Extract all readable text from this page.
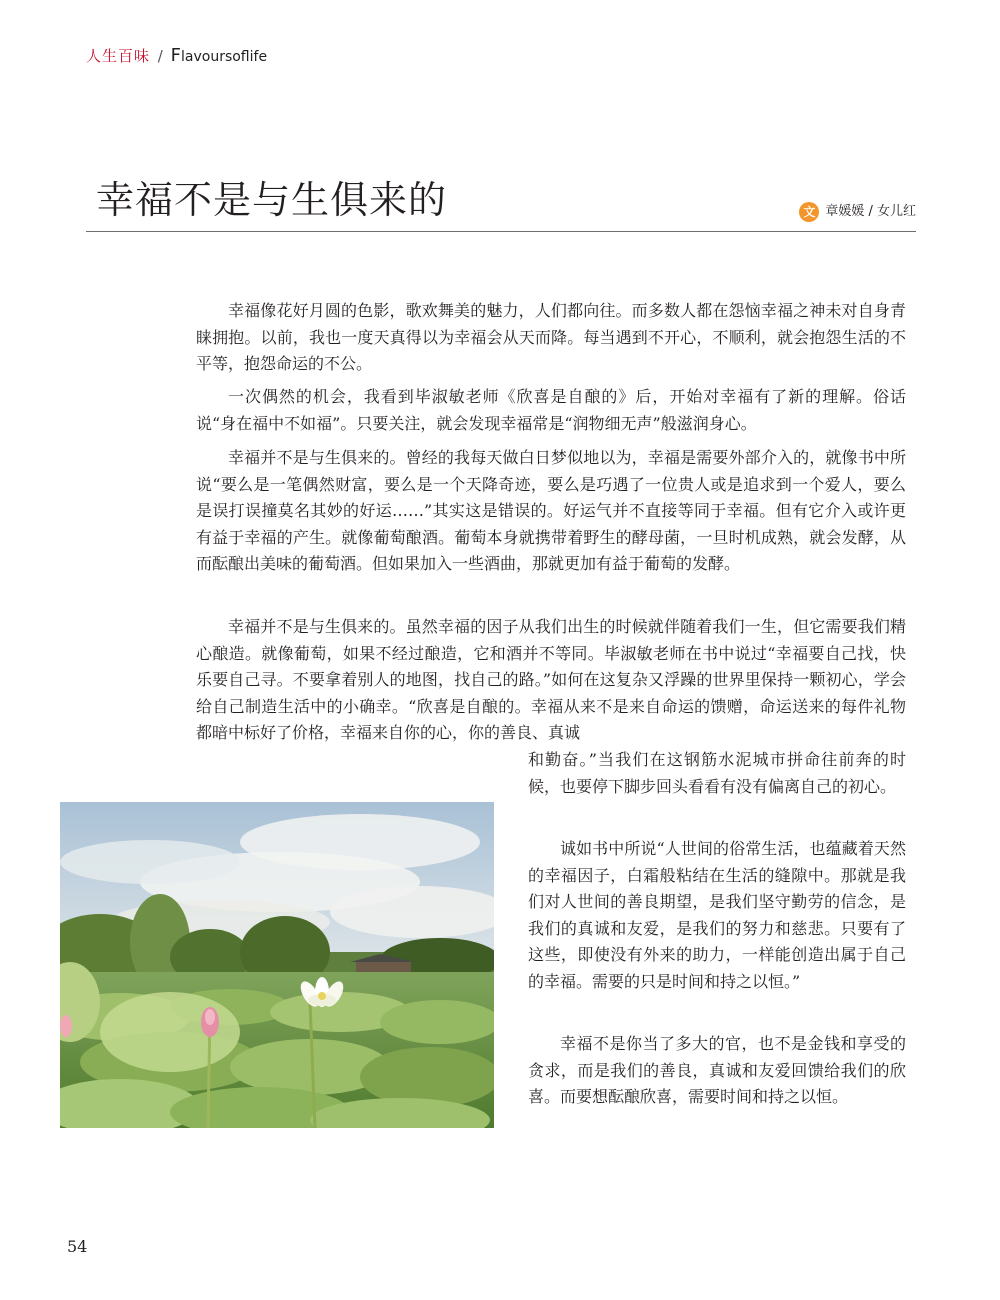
人生百味 / Flavoursoflife
幸福不是与生俱来的	文 章媛媛 / 女儿红

幸福像花好月圆的色影，歌欢舞美的魅力，人们都向往。而多数人都在怨恼幸福之神未对自身青睐拥抱。以前，我也一度天真得以为幸福会从天而降。每当遇到不开心，不顺利，就会抱怨生活的不平等，抱怨命运的不公。

一次偶然的机会，我看到毕淑敏老师《欣喜是自酿的》后，开始对幸福有了新的理解。俗话说“身在福中不如福”。只要关注，就会发现幸福常是“润物细无声”般滋润身心。

幸福并不是与生俱来的。曾经的我每天做白日梦似地以为，幸福是需要外部介入的，就像书中所说“要么是一笔偶然财富，要么是一个天降奇迹，要么是巧遇了一位贵人或是追求到一个爱人，要么是误打误撞莫名其妙的好运……”其实这是错误的。好运气并不直接等同于幸福。但有它介入或许更有益于幸福的产生。就像葡萄酿酒。葡萄本身就携带着野生的酵母菌，一旦时机成熟，就会发酵，从而酝酿出美味的葡萄酒。但如果加入一些酒曲，那就更加有益于葡萄的发酵。

幸福并不是与生俱来的。虽然幸福的因子从我们出生的时候就伴随着我们一生，但它需要我们精心酿造。就像葡萄，如果不经过酿造，它和酒并不等同。毕淑敏老师在书中说过“幸福要自己找，快乐要自己寻。不要拿着别人的地图，找自己的路。”如何在这复杂又浮躁的世界里保持一颗初心，学会给自己制造生活中的小确幸。“欣喜是自酿的。幸福从来不是来自命运的馈赠，命运送来的每件礼物都暗中标好了价格，幸福来自你的心，你的善良、真诚

和勤奋。”当我们在这钢筋水泥城市拼命往前奔的时候，也要停下脚步回头看看有没有偏离自己的初心。

诚如书中所说“人世间的俗常生活，也蕴藏着天然的幸福因子，白霜般粘结在生活的缝隙中。那就是我们对人世间的善良期望，是我们坚守勤劳的信念，是我们的真诚和友爱，是我们的努力和慈悲。只要有了这些，即使没有外来的助力，一样能创造出属于自己的幸福。需要的只是时间和持之以恒。”

幸福不是你当了多大的官，也不是金钱和享受的贪求，而是我们的善良，真诚和友爱回馈给我们的欣喜。而要想酝酿欣喜，需要时间和持之以恒。

54
